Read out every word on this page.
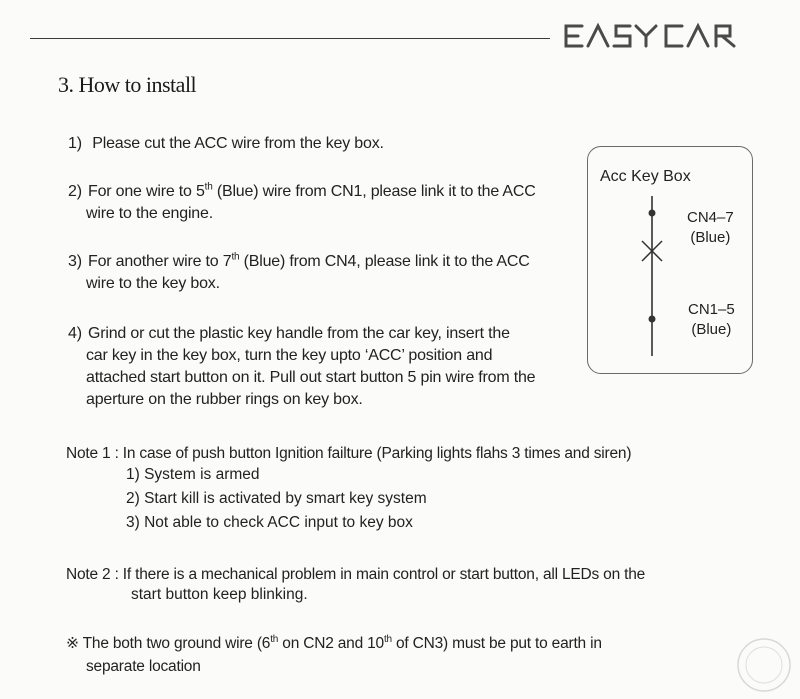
3. How to install
1) Please cut the ACC wire from the key box.
2) For one wire to 5th (Blue) wire from CN1, please link it to the ACC
wire to the engine.
3) For another wire to 7th (Blue) from CN4, please link it to the ACC
wire to the key box.
4) Grind or cut the plastic key handle from the car key, insert the
car key in the key box, turn the key upto ‘ACC’ position and
attached start button on it. Pull out start button 5 pin wire from the
aperture on the rubber rings on key box.
Acc Key Box
CN4–7
(Blue)
CN1–5
(Blue)
Note 1 : In case of push button Ignition failture (Parking lights flahs 3 times and siren)
1) System is armed
2) Start kill is activated by smart key system
3) Not able to check ACC input to key box
Note 2 : If there is a mechanical problem in main control or start button, all LEDs on the
start button keep blinking.
※ The both two ground wire (6th on CN2 and 10th of CN3) must be put to earth in
separate location
